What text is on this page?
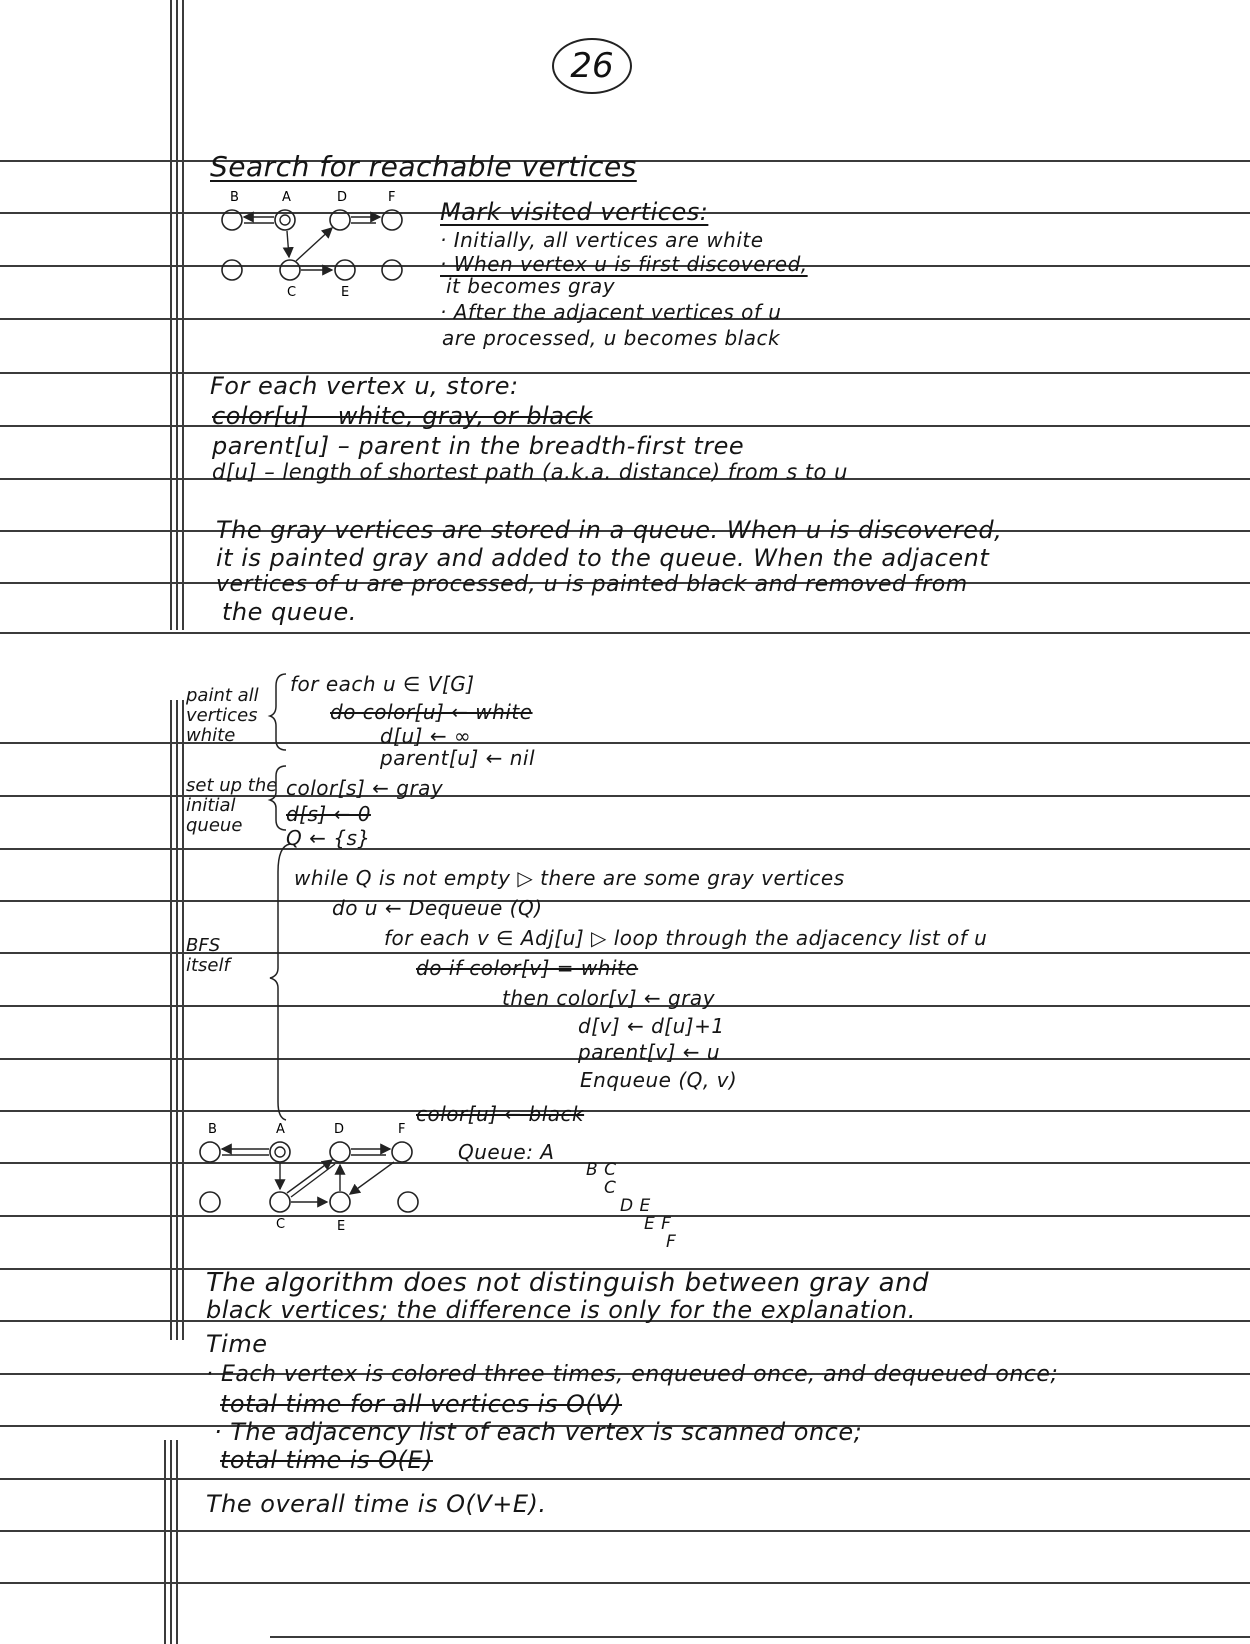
26
Search for reachable vertices
B	A	D	F
C	E
Mark visited vertices:
· Initially, all vertices are white
· When vertex u is first discovered,
it becomes gray
· After the adjacent vertices of u
are processed, u becomes black
For each vertex u, store:
color[u] – white, gray, or black
parent[u] – parent in the breadth-first tree
d[u] – length of shortest path (a.k.a. distance) from s to u
The gray vertices are stored in a queue. When u is discovered,
it is painted gray and added to the queue. When the adjacent
vertices of u are processed, u is painted black and removed from
the queue.
paint all
vertices
white
set up the
initial
queue
BFS
itself
for each u ∈ V[G]
do color[u] ← white
d[u] ← ∞
parent[u] ← nil
color[s] ← gray
d[s] ← 0
Q ← {s}
while Q is not empty ▷ there are some gray vertices
do u ← Dequeue (Q)
for each v ∈ Adj[u] ▷ loop through the adjacency list of u
do if color[v] = white
then color[v] ← gray
d[v] ← d[u]+1
parent[v] ← u
Enqueue (Q, v)
color[u] ← black
B	A	D	F
C	E
Queue: A
B C
C
D E
E F
F
The algorithm does not distinguish between gray and
black vertices; the difference is only for the explanation.
Time
· Each vertex is colored three times, enqueued once, and dequeued once;
total time for all vertices is O(V)
· The adjacency list of each vertex is scanned once;
total time is O(E)
The overall time is O(V+E).
